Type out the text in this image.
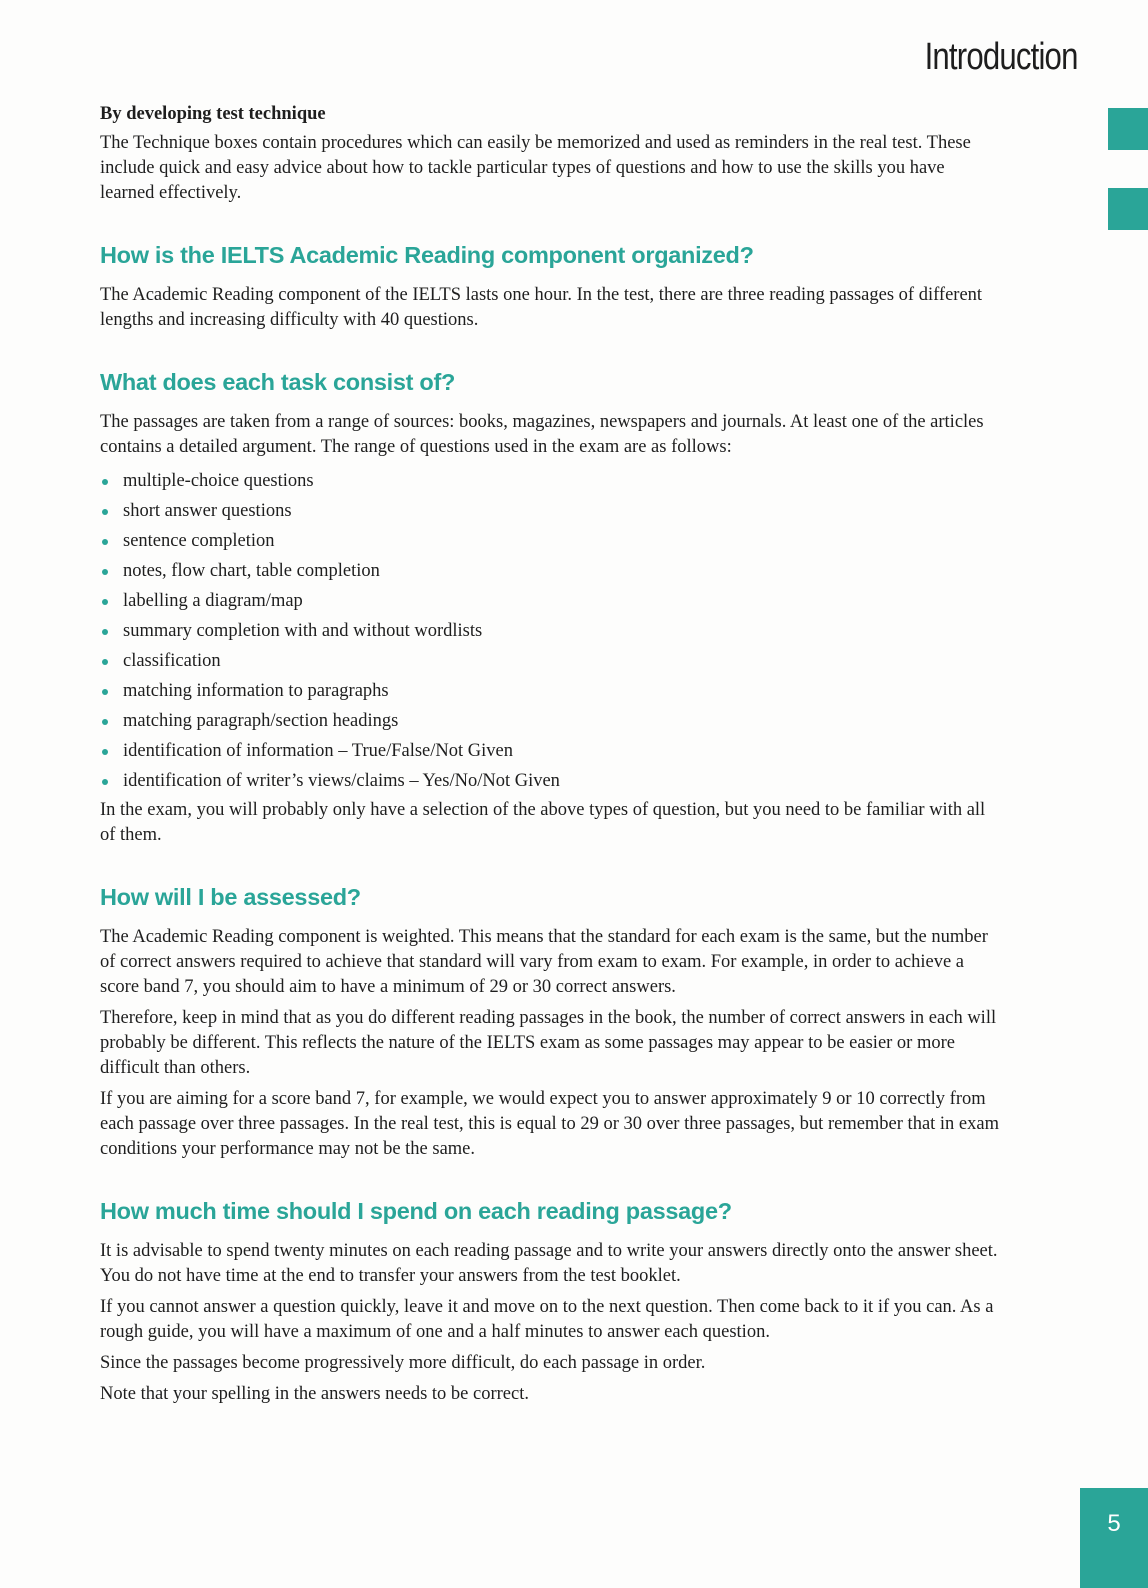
Introduction
By developing test technique

The Technique boxes contain procedures which can easily be memorized and used as reminders in the real test. These include quick and easy advice about how to tackle particular types of questions and how to use the skills you have learned effectively.

How is the IELTS Academic Reading component organized?

The Academic Reading component of the IELTS lasts one hour. In the test, there are three reading passages of different lengths and increasing difficulty with 40 questions.

What does each task consist of?

The passages are taken from a range of sources: books, magazines, newspapers and journals. At least one of the articles contains a detailed argument. The range of questions used in the exam are as follows:

multiple-choice questions
short answer questions
sentence completion
notes, flow chart, table completion
labelling a diagram/map
summary completion with and without wordlists
classification
matching information to paragraphs
matching paragraph/section headings
identification of information – True/False/Not Given
identification of writer’s views/claims – Yes/No/Not Given

In the exam, you will probably only have a selection of the above types of question, but you need to be familiar with all of them.

How will I be assessed?

The Academic Reading component is weighted. This means that the standard for each exam is the same, but the number of correct answers required to achieve that standard will vary from exam to exam. For example, in order to achieve a score band 7, you should aim to have a minimum of 29 or 30 correct answers.

Therefore, keep in mind that as you do different reading passages in the book, the number of correct answers in each will probably be different. This reflects the nature of the IELTS exam as some passages may appear to be easier or more difficult than others.

If you are aiming for a score band 7, for example, we would expect you to answer approximately 9 or 10 correctly from each passage over three passages. In the real test, this is equal to 29 or 30 over three passages, but remember that in exam conditions your performance may not be the same.

How much time should I spend on each reading passage?

It is advisable to spend twenty minutes on each reading passage and to write your answers directly onto the answer sheet. You do not have time at the end to transfer your answers from the test booklet.

If you cannot answer a question quickly, leave it and move on to the next question. Then come back to it if you can. As a rough guide, you will have a maximum of one and a half minutes to answer each question.

Since the passages become progressively more difficult, do each passage in order.

Note that your spelling in the answers needs to be correct.

5
